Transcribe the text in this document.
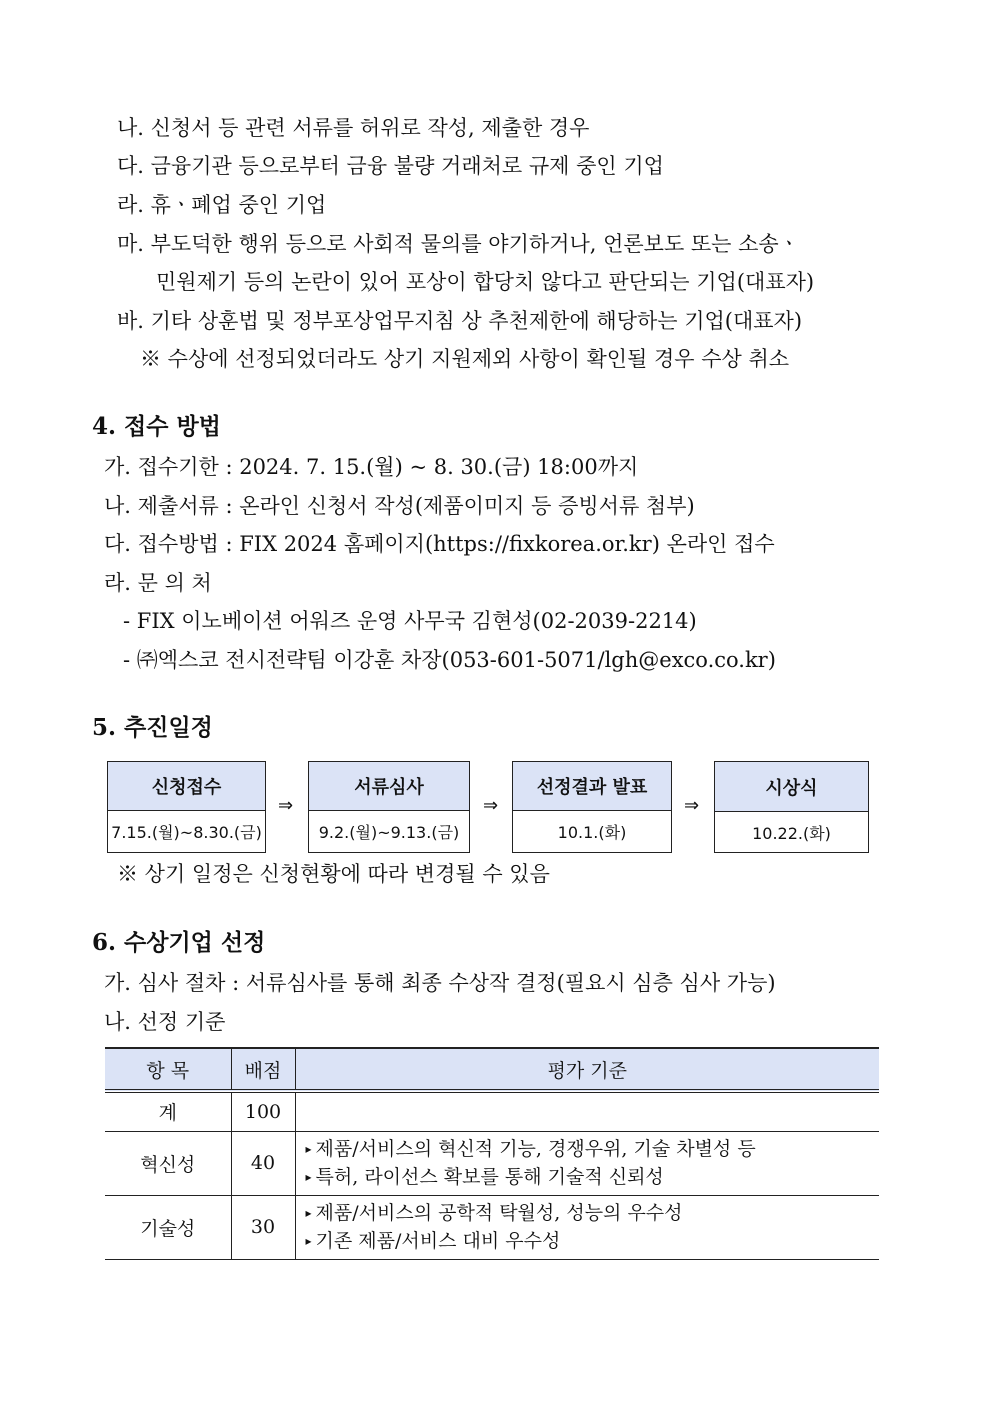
나. 신청서 등 관련 서류를 허위로 작성, 제출한 경우
다. 금융기관 등으로부터 금융 불량 거래처로 규제 중인 기업
라. 휴ㆍ폐업 중인 기업
마. 부도덕한 행위 등으로 사회적 물의를 야기하거나, 언론보도 또는 소송ㆍ
민원제기 등의 논란이 있어 포상이 합당치 않다고 판단되는 기업(대표자)
바. 기타 상훈법 및 정부포상업무지침 상 추천제한에 해당하는 기업(대표자)
※ 수상에 선정되었더라도 상기 지원제외 사항이 확인될 경우 수상 취소
4. 접수 방법
가. 접수기한 : 2024. 7. 15.(월) ~ 8. 30.(금) 18:00까지
나. 제출서류 : 온라인 신청서 작성(제품이미지 등 증빙서류 첨부)
다. 접수방법 : FIX 2024 홈페이지(https://fixkorea.or.kr) 온라인 접수
라. 문 의 처
- FIX 이노베이션 어워즈 운영 사무국 김현성(02-2039-2214)
- ㈜엑스코 전시전략팀 이강훈 차장(053-601-5071/lgh@exco.co.kr)
5. 추진일정
신청접수
7.15.(월)~8.30.(금)
⇒
서류심사
9.2.(월)~9.13.(금)
⇒
선정결과 발표
10.1.(화)
⇒
시상식
10.22.(화)
※ 상기 일정은 신청현황에 따라 변경될 수 있음
6. 수상기업 선정
가. 심사 절차 : 서류심사를 통해 최종 수상작 결정(필요시 심층 심사 가능)
나. 선정 기준
항 목	배점	평가 기준
계	100	
혁신성	40	▸ 제품/서비스의 혁신적 기능, 경쟁우위, 기술 차별성 등
▸ 특허, 라이선스 확보를 통해 기술적 신뢰성

기술성	30	▸ 제품/서비스의 공학적 탁월성, 성능의 우수성
▸ 기존 제품/서비스 대비 우수성
